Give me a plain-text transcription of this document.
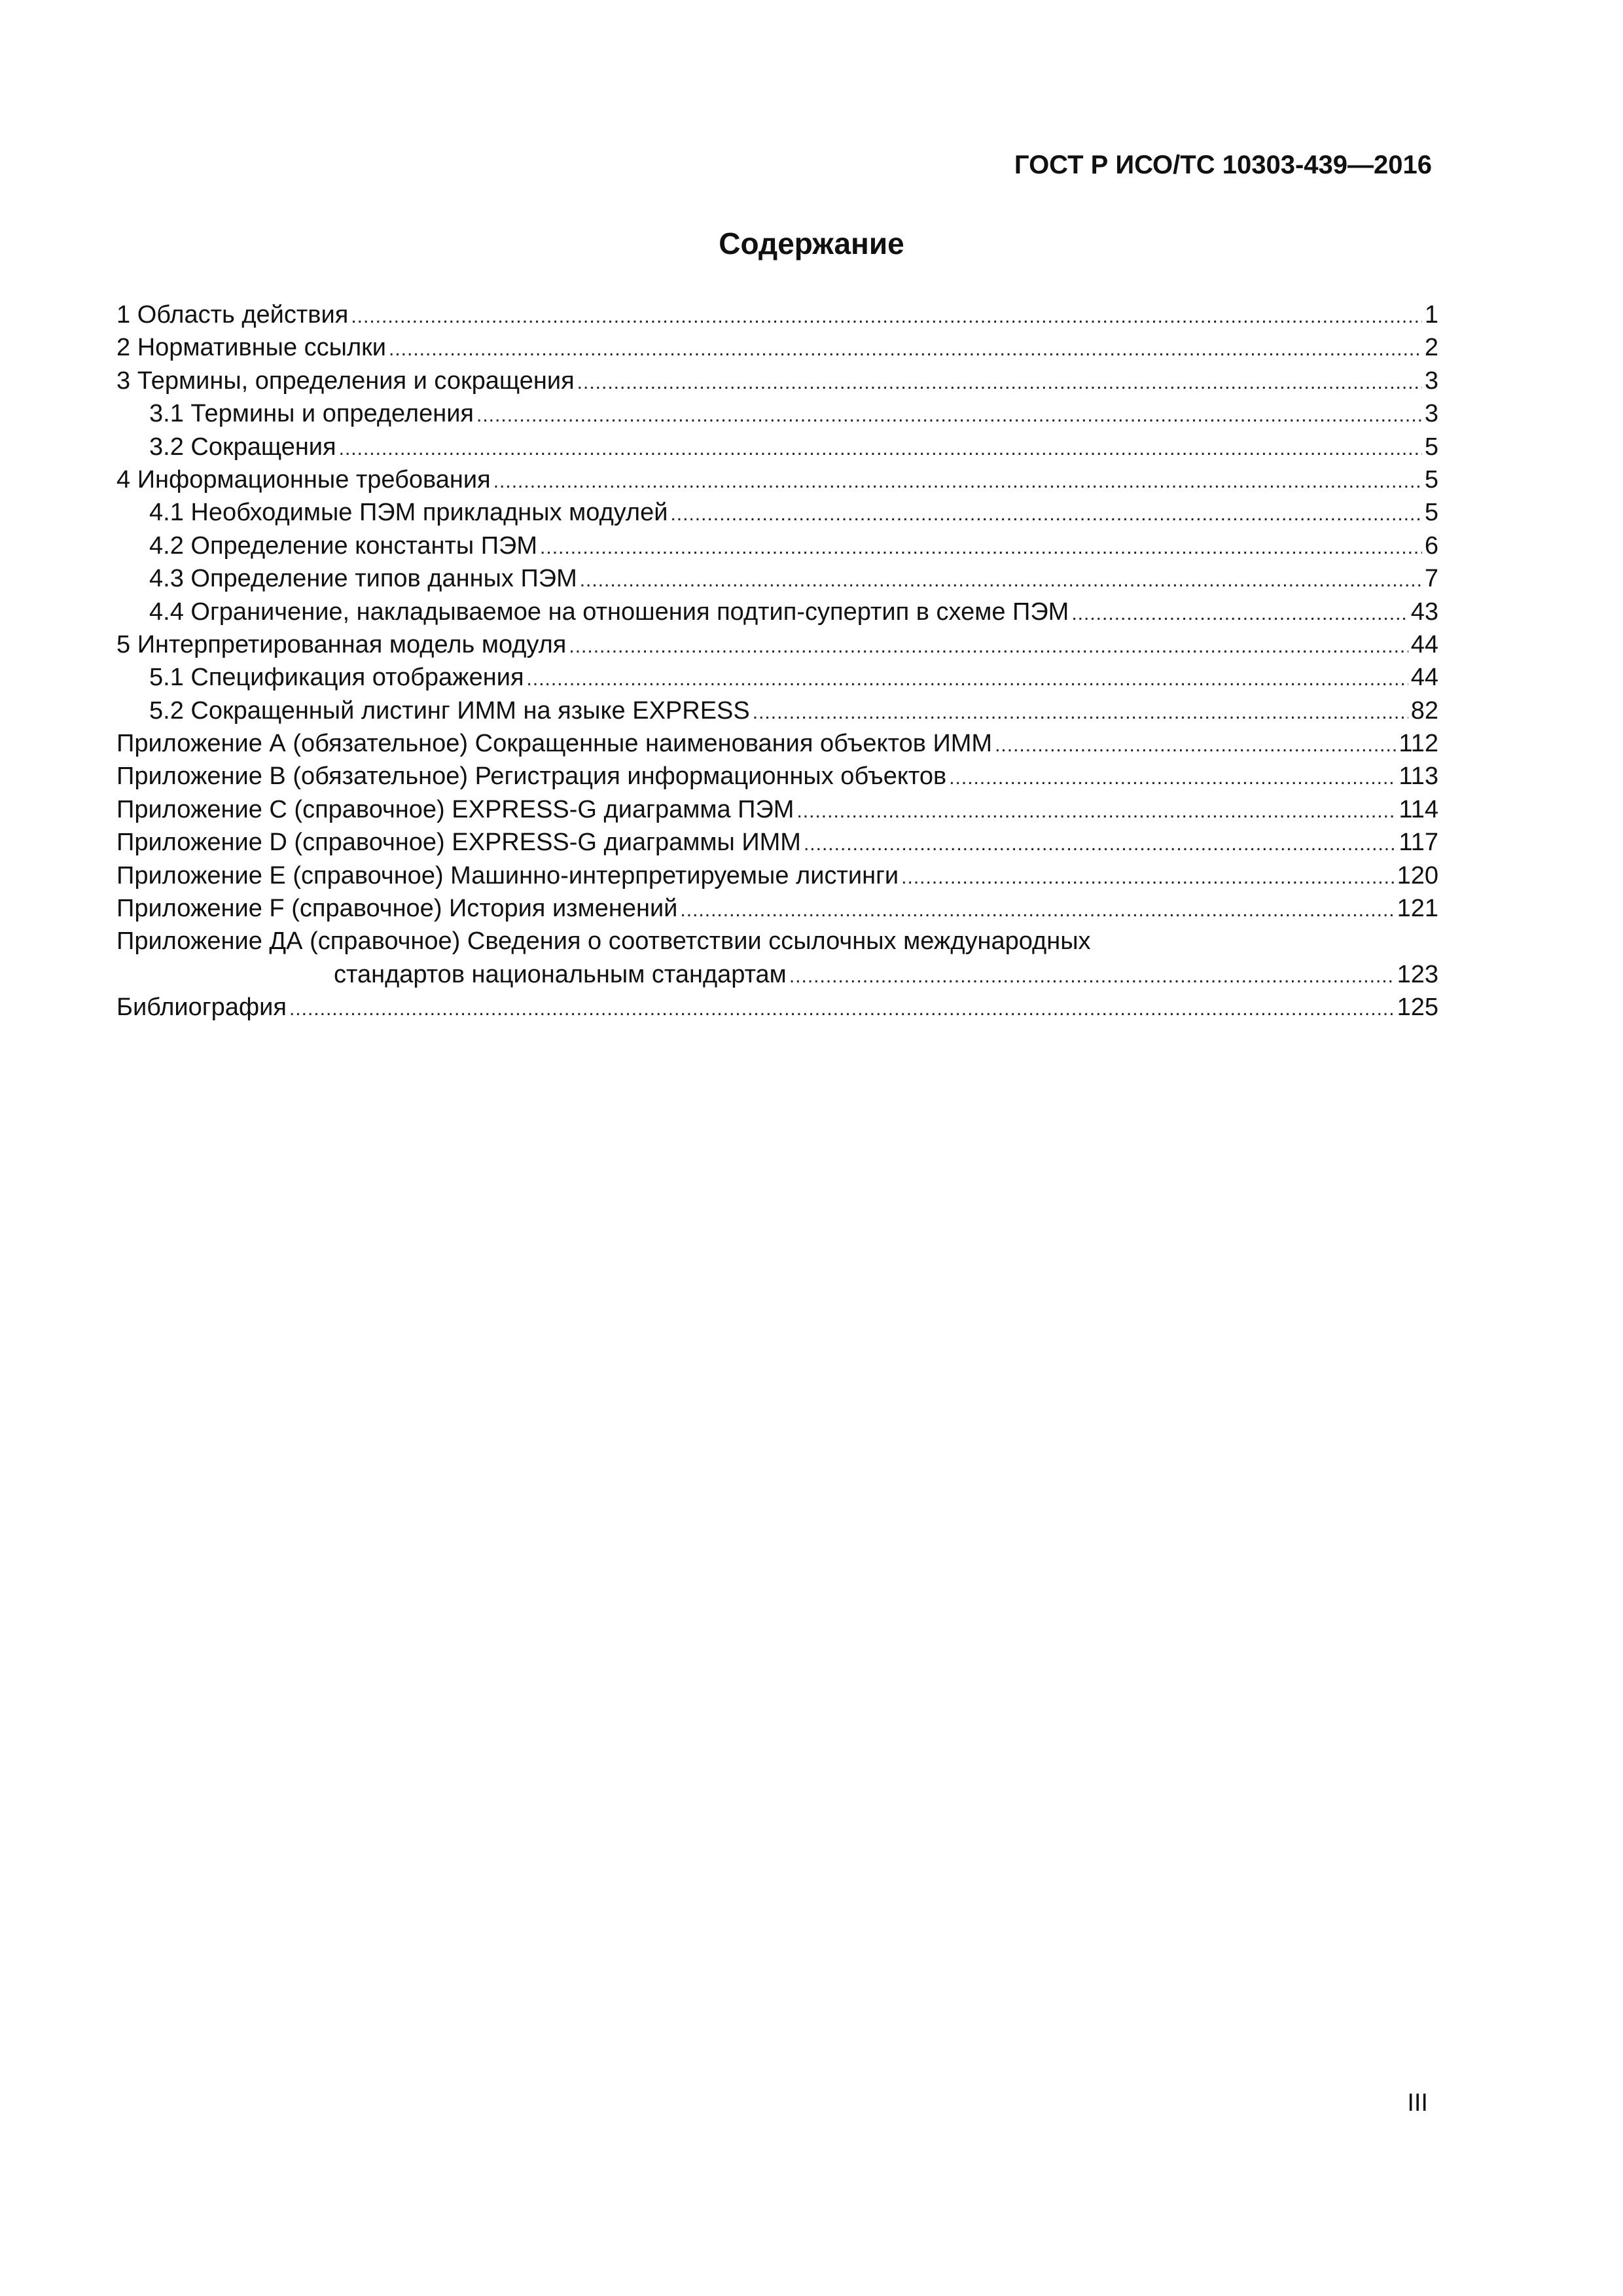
ГОСТ Р ИСО/ТС 10303-439—2016
Содержание
1 Область действия .....	1
2 Нормативные ссылки .....	2
3 Термины, определения и сокращения .....	3
3.1 Термины и определения .....	3
3.2 Сокращения .....	5
4 Информационные требования .....	5
4.1 Необходимые ПЭМ прикладных модулей .....	5
4.2 Определение константы ПЭМ .....	6
4.3 Определение типов данных ПЭМ .....	7
4.4 Ограничение, накладываемое на отношения подтип-супертип в схеме ПЭМ .....	43
5 Интерпретированная модель модуля .....	44
5.1 Спецификация отображения .....	44
5.2 Сокращенный листинг ИММ на языке EXPRESS .....	82
Приложение А (обязательное) Сокращенные наименования объектов ИММ .....	112
Приложение В (обязательное) Регистрация информационных объектов .....	113
Приложение С (справочное) EXPRESS-G диаграмма ПЭМ .....	114
Приложение D (справочное) EXPRESS-G диаграммы ИММ .....	117
Приложение Е (справочное) Машинно-интерпретируемые листинги .....	120
Приложение F (справочное) История изменений .....	121
Приложение ДА (справочное) Сведения о соответствии ссылочных международных
стандартов национальным стандартам .....	123
Библиография .....	125
III
